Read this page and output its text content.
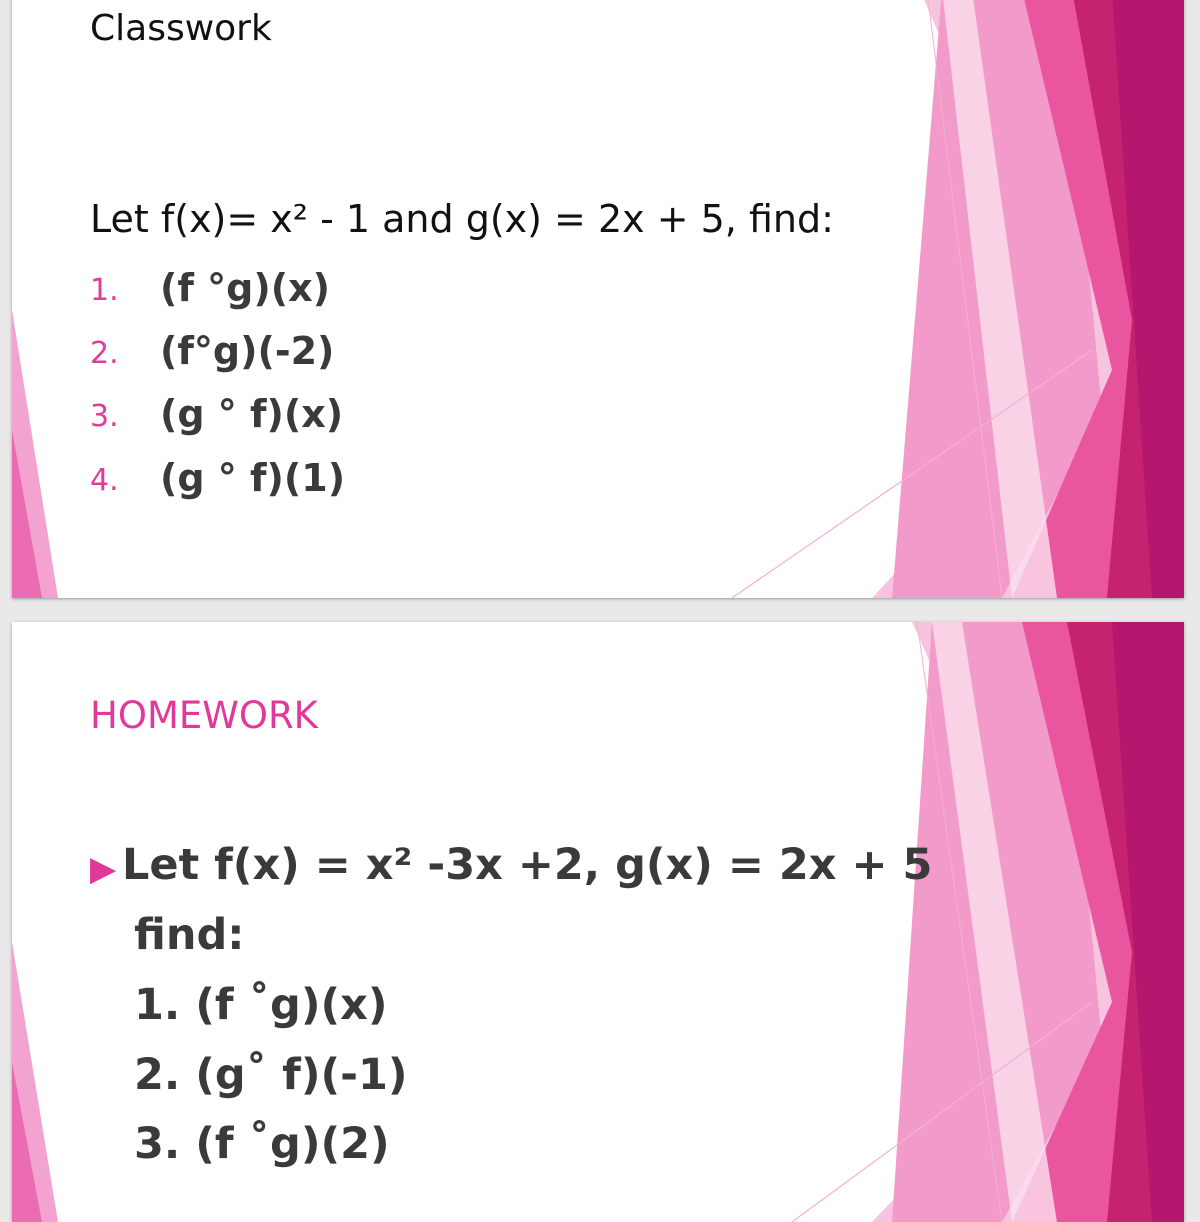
Classwork
Let f(x)= x² - 1 and g(x) = 2x + 5, find:
1. (f °g)(x)
2. (f°g)(-2)
3. (g ° f)(x)
4. (g ° f)(1)
HOMEWORK
▶ Let f(x) = x² -3x +2, g(x) = 2x + 5
find:
1. (f ˚g)(x)
2. (g˚ f)(-1)
3. (f ˚g)(2)
